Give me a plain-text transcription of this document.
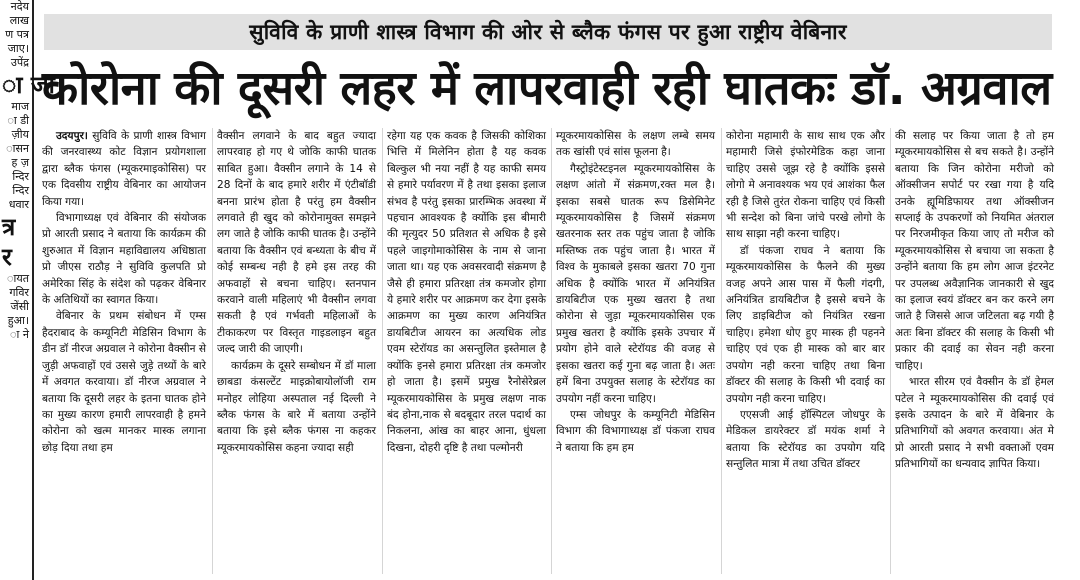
नदेय
लाख
ण पत्र
जाए।
उपेंद्र
ा जा
माज
ा डी
ज़ीय
ासन
ह ज़
न्दिर
न्दिर
धवार
त्र
र
ायत
गविर
जेंसी
हुआ।
ा ने
सुविवि के प्राणी शास्त्र विभाग की ओर से ब्लैक फंगस पर हुआ राष्ट्रीय वेबिनार
कोरोना की दूसरी लहर में लापरवाही रही घातकः डॉ. अग्रवाल

उदयपुर। सुविवि के प्राणी शास्त्र विभाग की जनरवास्थ्य कोट विज्ञान प्रयोगशाला द्वारा ब्लैक फंगस (म्यूकरमाइकोसिस) पर एक दिवसीय राष्ट्रीय वेबिनार का आयोजन किया गया।

विभागाध्यक्ष एवं वेबिनार की संयोजक प्रो आरती प्रसाद ने बताया कि कार्यक्रम की शुरुआत में विज्ञान महाविद्यालय अधिष्ठाता प्रो जीएस राठौड़ ने सुविवि कुलपति प्रो अमेरिका सिंह के संदेश को पढ़कर वेबिनार के अतिथियों का स्वागत किया।

वेबिनार के प्रथम संबोधन में एम्स हैदराबाद के कम्यूनिटी मेडिसिन विभाग के डीन डॉ नीरज अग्रवाल ने कोरोना वैक्सीन से जुड़ी अफवाहों एवं उससे जुड़े तथ्यों के बारे में अवगत करवाया। डॉ नीरज अग्रवाल ने बताया कि दूसरी लहर के इतना घातक होने का मुख्य कारण हमारी लापरवाही है हमने कोरोना को खत्म मानकर मास्क लगाना छोड़ दिया तथा हम

वैक्सीन लगवाने के बाद बहुत ज्यादा लापरवाह हो गए थे जोकि काफी घातक साबित हुआ। वैक्सीन लगाने के 14 से 28 दिनों के बाद हमारे शरीर में एंटीबॉडी बनना प्रारंभ होता है परंतु हम वैक्सीन लगवाते ही खुद को कोरोनामुक्त समझने लग जाते है जोकि काफी घातक है। उन्होंने बताया कि वैक्सीन एवं बन्ध्यता के बीच में कोई सम्बन्ध नही है हमे इस तरह की अफवाहों से बचना चाहिए। स्तनपान करवाने वाली महिलाएं भी वैक्सीन लगवा सकती है एवं गर्भवती महिलाओं के टीकाकरण पर विस्तृत गाइडलाइन बहुत जल्द जारी की जाएगी।

कार्यक्रम के दूसरे सम्बोधन में डॉ माला छाबडा कंसल्टेंट माइक्रोबायोलॉजी राम मनोहर लोहिया अस्पताल नई दिल्ली ने ब्लैक फंगस के बारे में बताया उन्होंने बताया कि इसे ब्लैक फंगस ना कहकर म्यूकरमायकोसिस कहना ज्यादा सही

रहेगा यह एक कवक है जिसकी कोशिका भित्ति में मिलेनिन होता है यह कवक बिल्कुल भी नया नहीं है यह काफी समय से हमारे पर्यावरण में है तथा इसका इलाज संभव है परंतु इसका प्रारम्भिक अवस्था में पहचान आवश्यक है क्योंकि इस बीमारी की मृत्युदर 50 प्रतिशत से अधिक है इसे पहले जाइगोमाकोसिस के नाम से जाना जाता था। यह एक अवसरवादी संक्रमण है जैसे ही हमारा प्रतिरक्षा तंत्र कमजोर होगा ये हमारे शरीर पर आक्रमण कर देगा इसके आक्रमण का मुख्य कारण अनियंत्रित डायबिटीज आयरन का अत्यधिक लोड एवम स्टेरॉयड का असन्तुलित इस्तेमाल है क्योंकि इनसे हमारा प्रतिरक्षा तंत्र कमजोर हो जाता है। इसमें प्रमुख रैनोसेरेब्रल म्यूकरमायकोसिस के प्रमुख लक्षण नाक बंद होना,नाक से बदबूदार तरल पदार्थ का निकलना, आंख का बाहर आना, धुंधला दिखना, दोहरी दृष्टि है तथा पल्मोनरी

म्यूकरमायकोसिस के लक्षण लम्बे समय तक खांसी एवं सांस फूलना है।

गैस्ट्रोइंटेस्टइनल म्यूकरमायकोसिस के लक्षण आंतो में संक्रमण,रक्त मल है। इसका सबसे घातक रूप डिसेमिनेट म्यूकरमायकोसिस है जिसमें संक्रमण खतरनाक स्तर तक पहुंच जाता है जोकि मस्तिष्क तक पहुंच जाता है। भारत में विश्व के मुकाबले इसका खतरा 70 गुना अधिक है क्योंकि भारत में अनियंत्रित डायबिटीज एक मुख्य खतरा है तथा कोरोना से जुड़ा म्यूकरमायकोसिस एक प्रमुख खतरा है क्योंकि इसके उपचार में प्रयोग होने वाले स्टेरॉयड की वजह से इसका खतरा कई गुना बढ़ जाता है। अतः हमें बिना उपयुक्त सलाह के स्टेरॉयड का उपयोग नहीं करना चाहिए।

एम्स जोधपुर के कम्यूनिटी मेडिसिन विभाग की विभागाध्यक्ष डॉ पंकजा राघव ने बताया कि हम हम

कोरोना महामारी के साथ साथ एक और महामारी जिसे इंफोरमेडिक कहा जाना चाहिए उससे जूझ रहे है क्योंकि इससे लोगो मे अनावश्यक भय एवं आशंका फैल रही है जिसे तुरंत रोकना चाहिए एवं किसी भी सन्देश को बिना जांचे परखे लोगो के साथ साझा नही करना चाहिए।

डॉ पंकजा राघव ने बताया कि म्यूकरमायकोसिस के फैलने की मुख्य वजह अपने आस पास में फैली गंदगी, अनियंत्रित डायबिटीज है इससे बचने के लिए डाइबिटीज को नियंत्रित रखना चाहिए। हमेशा धोए हुए मास्क ही पहनने चाहिए एवं एक ही मास्क को बार बार उपयोग नही करना चाहिए तथा बिना डॉक्टर की सलाह के किसी भी दवाई का उपयोग नही करना चाहिए।

एएसजी आई हॉस्पिटल जोधपुर के मेडिकल डायरेक्टर डॉ मयंक शर्मा ने बताया कि स्टेरॉयड का उपयोग यदि सन्तुलित मात्रा में तथा उचित डॉक्टर

की सलाह पर किया जाता है तो हम म्यूकरमायकोसिस से बच सकते है। उन्होंने बताया कि जिन कोरोना मरीजो को ऑक्सीजन सपोर्ट पर रखा गया है यदि उनके ह्यूमिडिफायर तथा ऑक्सीजन सप्लाई के उपकरणों को नियमित अंतराल पर निरजमीकृत किया जाए तो मरीज को म्यूकरमायकोसिस से बचाया जा सकता है उन्होंने बताया कि हम लोग आज इंटरनेट पर उपलब्ध अवैज्ञानिक जानकारी से खुद का इलाज स्वयं डॉक्टर बन कर करने लग जाते है जिससे आज जटिलता बढ़ गयी है अतः बिना डॉक्टर की सलाह के किसी भी प्रकार की दवाई का सेवन नही करना चाहिए।

भारत सीरम एवं वैक्सीन के डॉ हेमल पटेल ने म्यूकरमायकोसिस की दवाई एवं इसके उत्पादन के बारे में वेबिनार के प्रतिभागियों को अवगत करवाया। अंत मे प्रो आरती प्रसाद ने सभी वक्ताओं एवम प्रतिभागियों का धन्यवाद ज्ञापित किया।
